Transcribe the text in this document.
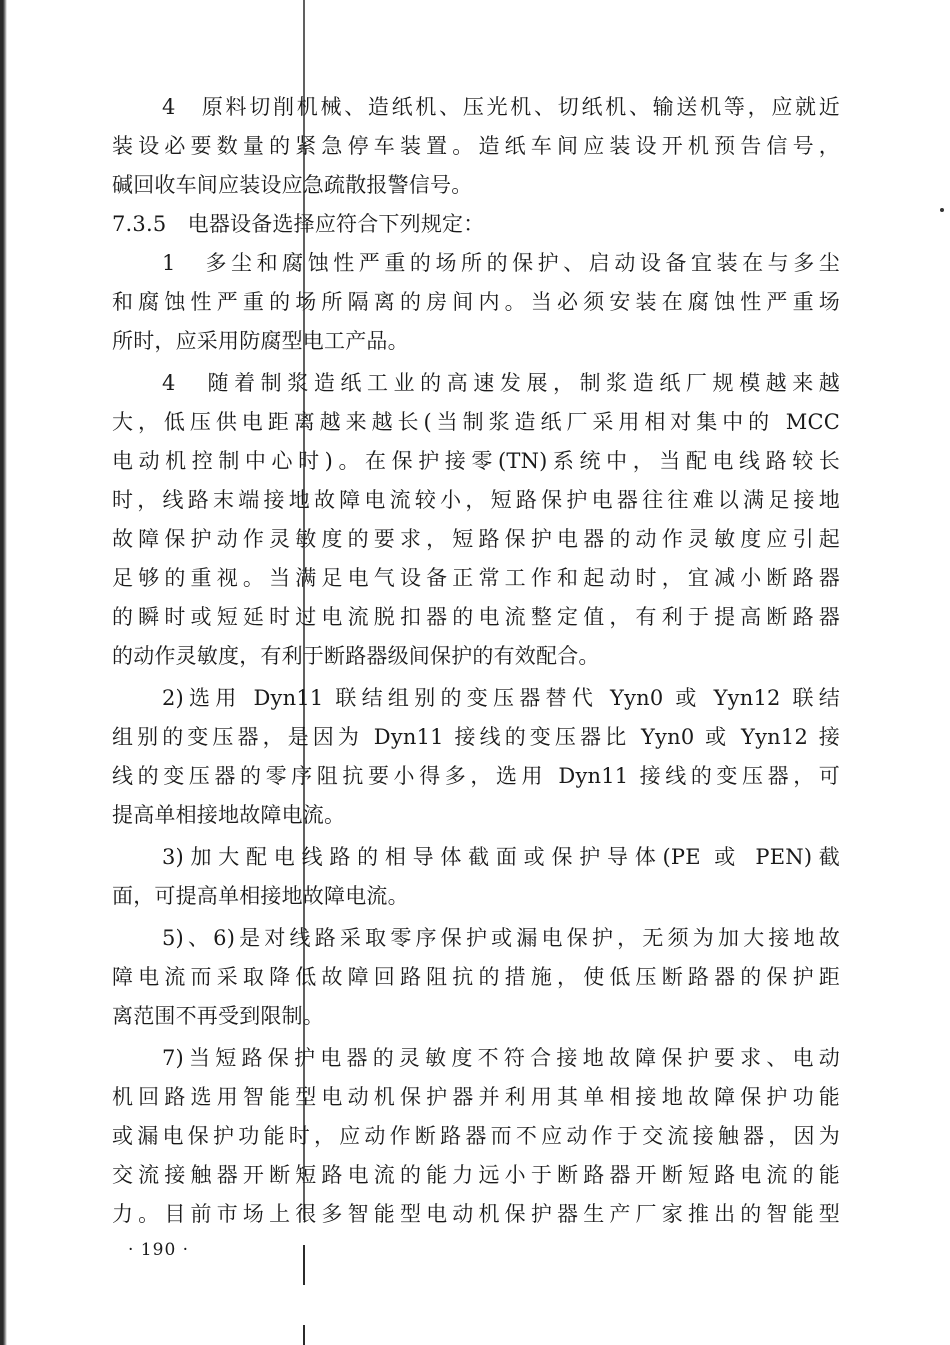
4　原料切削机械、造纸机、压光机、切纸机、输送机等，应就近
装设必要数量的紧急停车装置。造纸车间应装设开机预告信号，
碱回收车间应装设应急疏散报警信号。
7.3.5　电器设备选择应符合下列规定：
1　多尘和腐蚀性严重的场所的保护、启动设备宜装在与多尘
和腐蚀性严重的场所隔离的房间内。当必须安装在腐蚀性严重场
所时，应采用防腐型电工产品。
4　随着制浆造纸工业的高速发展，制浆造纸厂规模越来越
大，低压供电距离越来越长(当制浆造纸厂采用相对集中的 MCC
电动机控制中心时)。在保护接零(TN)系统中，当配电线路较长
时，线路末端接地故障电流较小，短路保护电器往往难以满足接地
故障保护动作灵敏度的要求，短路保护电器的动作灵敏度应引起
足够的重视。当满足电气设备正常工作和起动时，宜减小断路器
的瞬时或短延时过电流脱扣器的电流整定值，有利于提高断路器
的动作灵敏度，有利于断路器级间保护的有效配合。
2)选用 Dyn11 联结组别的变压器替代 Yyn0 或 Yyn12 联结
组别的变压器，是因为 Dyn11 接线的变压器比 Yyn0 或 Yyn12 接
线的变压器的零序阻抗要小得多，选用 Dyn11 接线的变压器，可
提高单相接地故障电流。
3)加大配电线路的相导体截面或保护导体(PE 或 PEN)截
面，可提高单相接地故障电流。
5)、6)是对线路采取零序保护或漏电保护，无须为加大接地故
障电流而采取降低故障回路阻抗的措施，使低压断路器的保护距
离范围不再受到限制。
7)当短路保护电器的灵敏度不符合接地故障保护要求、电动
机回路选用智能型电动机保护器并利用其单相接地故障保护功能
或漏电保护功能时，应动作断路器而不应动作于交流接触器，因为
交流接触器开断短路电流的能力远小于断路器开断短路电流的能
力。目前市场上很多智能型电动机保护器生产厂家推出的智能型
· 190 ·
